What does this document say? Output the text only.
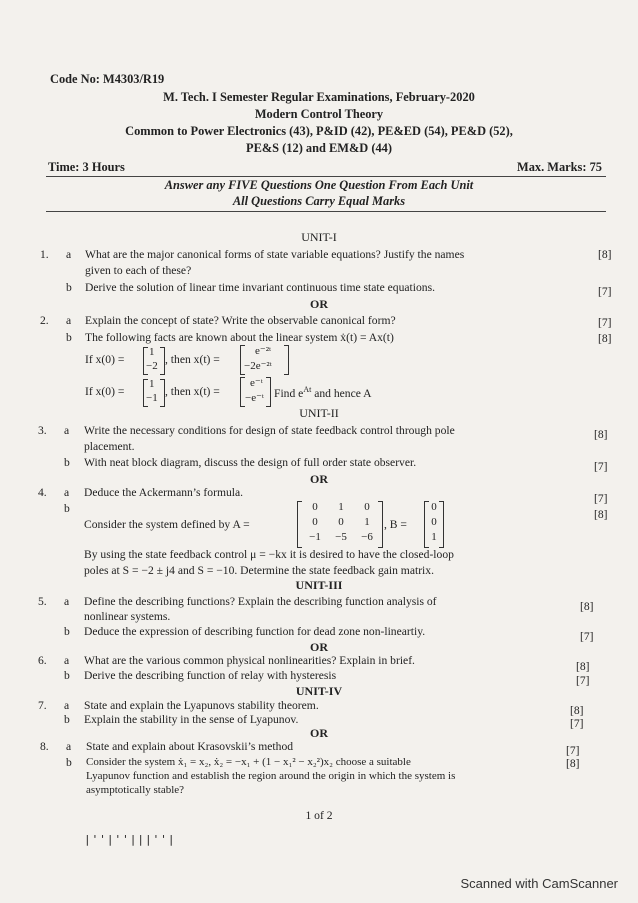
Code No: M4303/R19
M. Tech. I Semester Regular Examinations, February-2020
Modern Control Theory
Common to Power Electronics (43), P&ID (42), PE&ED (54), PE&D (52),
PE&S (12) and EM&D (44)
Time: 3 Hours	Max. Marks: 75
Answer any FIVE Questions One Question From Each Unit
All Questions Carry Equal Marks
UNIT-I
1. a What are the major canonical forms of state variable equations? Justify the names
given to each of these?
[8]
b Derive the solution of linear time invariant continuous time state equations.	[7]
OR
2. a Explain the concept of state? Write the observable canonical form?	[7]
b The following facts are known about the linear system ẋ(t) = Ax(t)	[8]
If x(0) =
1
−2 , then x(t) =
e⁻²ᵗ
−2e⁻²ᵗ
If x(0) =
1
−1 , then x(t) =
e⁻ᵗ
−e⁻ᵗ Find $e^{At}$ and hence A
UNIT-II
3. a Write the necessary conditions for design of state feedback control through pole
placement.
[8]
b With neat block diagram, discuss the design of full order state observer.	[7]
OR
4. a Deduce the Ackermann’s formula.	[7]
b	[8]
Consider the system defined by A =
0	1	0
0	0	1
−1	−5	−6
, B =
0
0
1
By using the state feedback control μ = −kx it is desired to have the closed-loop
poles at S = −2 ± j4 and S = −10. Determine the state feedback gain matrix.
UNIT-III
5. a Define the describing functions? Explain the describing function analysis of
nonlinear systems.
[8]
b Deduce the expression of describing function for dead zone non-lineartiy.	[7]
OR
6. a What are the various common physical nonlinearities? Explain in brief.	[8]
b Derive the describing function of relay with hysteresis	[7]
UNIT-IV
7. a State and explain the Lyapunovs stability theorem.	[8]
b Explain the stability in the sense of Lyapunov.	[7]
OR
8. a State and explain about Krasovskii’s method	[7]
b Consider the system ẋ₁ = x₂, ẋ₂ = −x₁ + (1 − x₁² − x₂²)x₂ choose a suitable
Lyapunov function and establish the region around the origin in which the system is
asymptotically stable?
[8]
1 of 2
|''|''|||''|
Scanned with CamScanner
